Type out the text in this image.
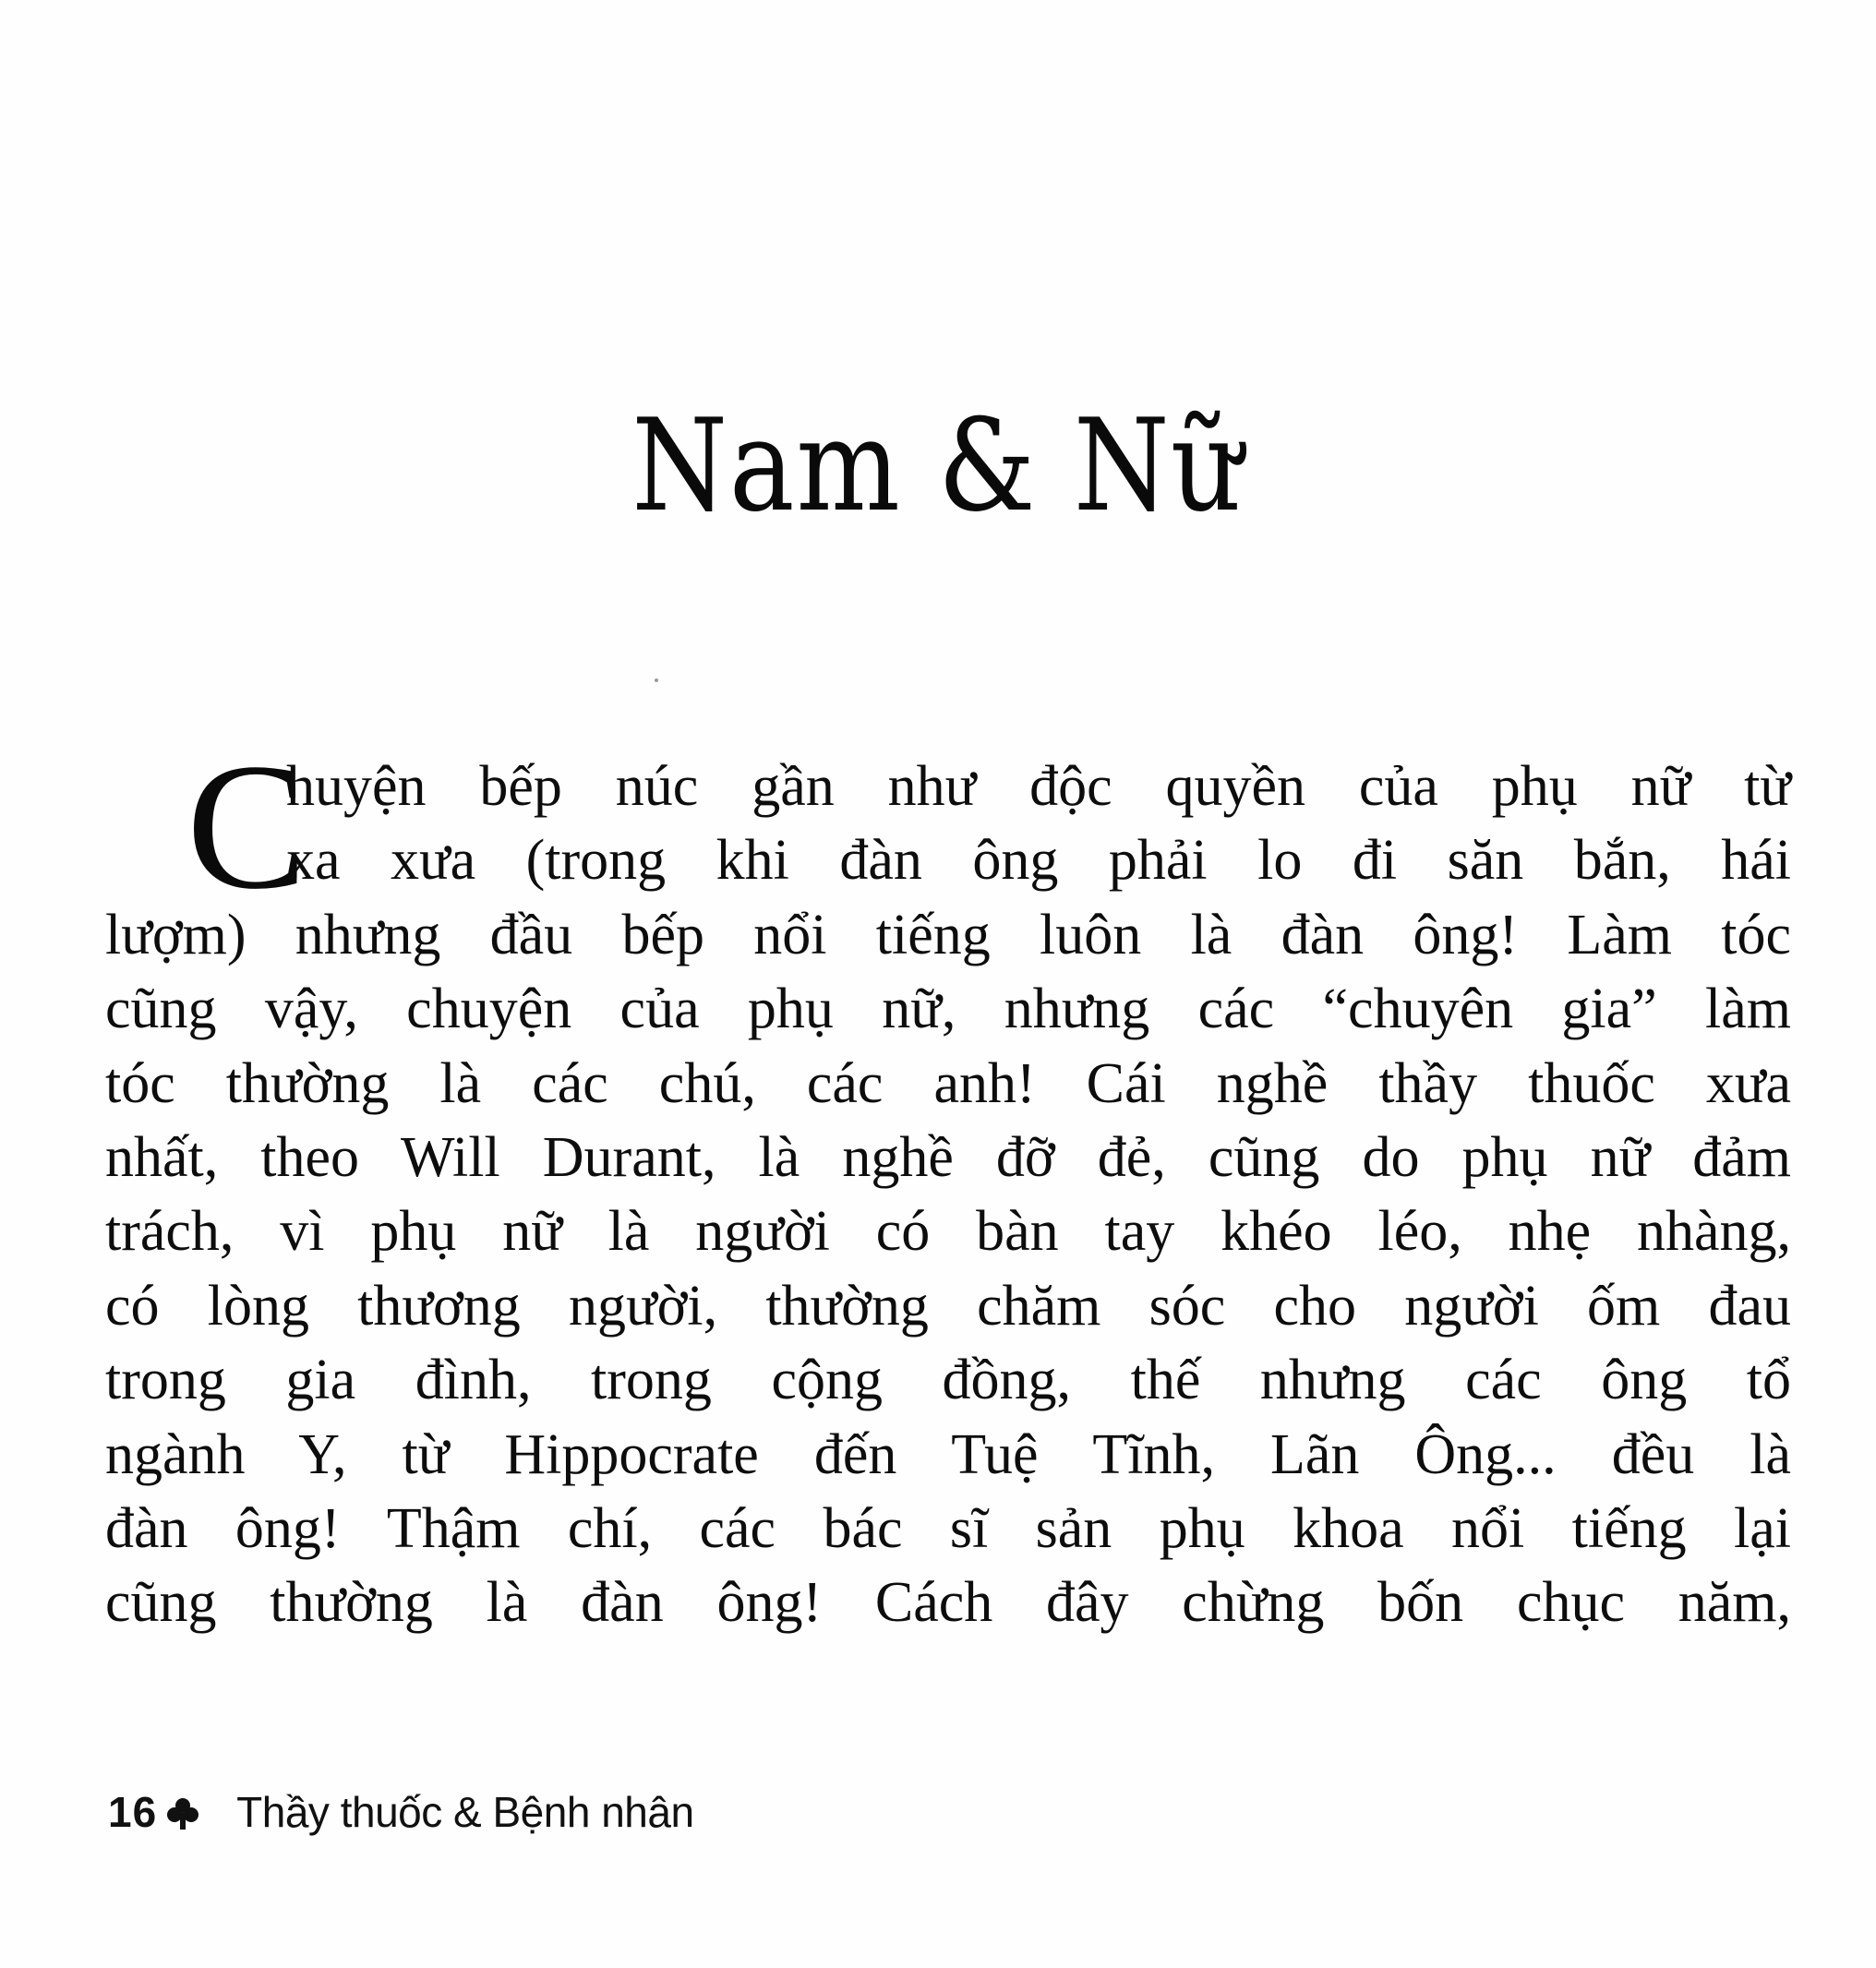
Nam & Nữ
C
huyện bếp núc gần như độc quyền của phụ nữ từ
xa xưa (trong khi đàn ông phải lo đi săn bắn, hái
lượm) nhưng đầu bếp nổi tiếng luôn là đàn ông! Làm tóc
cũng vậy, chuyện của phụ nữ, nhưng các “chuyên gia” làm
tóc thường là các chú, các anh! Cái nghề thầy thuốc xưa
nhất, theo Will Durant, là nghề đỡ đẻ, cũng do phụ nữ đảm
trách, vì phụ nữ là người có bàn tay khéo léo, nhẹ nhàng,
có lòng thương người, thường chăm sóc cho người ốm đau
trong gia đình, trong cộng đồng, thế nhưng các ông tổ
ngành Y, từ Hippocrate đến Tuệ Tĩnh, Lãn Ông... đều là
đàn ông! Thậm chí, các bác sĩ sản phụ khoa nổi tiếng lại
cũng thường là đàn ông! Cách đây chừng bốn chục năm,
16 Thầy thuốc & Bệnh nhân
